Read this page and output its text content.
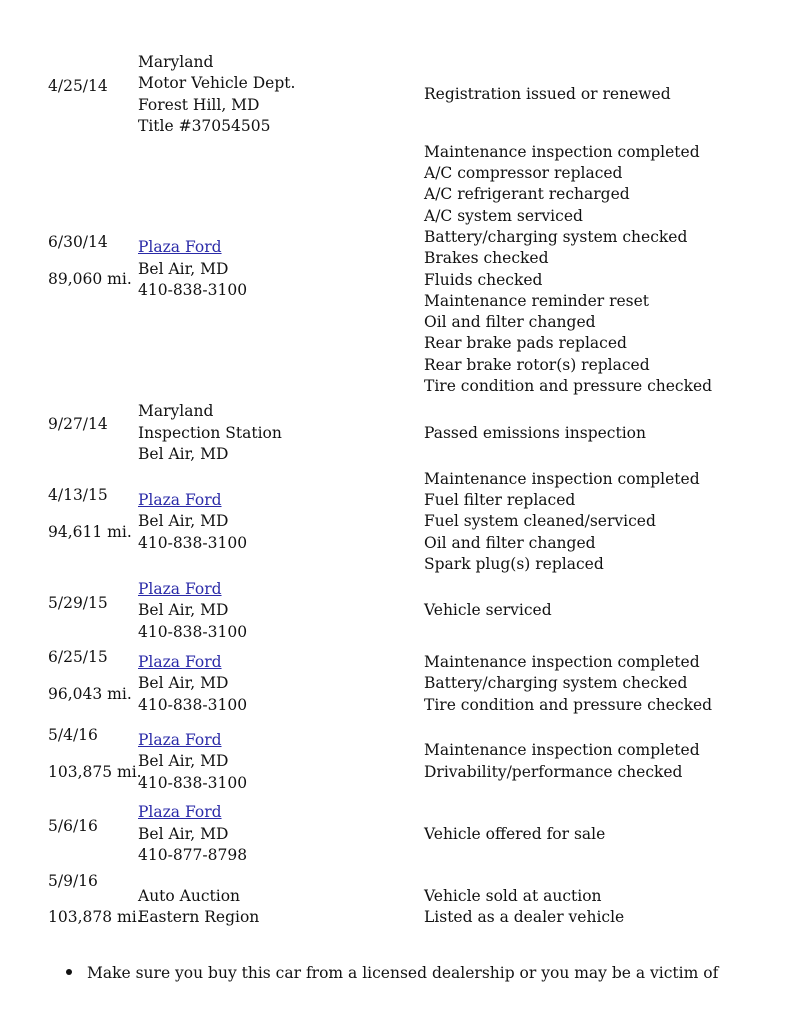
4/25/14
Maryland
Motor Vehicle Dept.
Forest Hill, MD
Title #37054505
Registration issued or renewed
6/30/14
89,060 mi.
Plaza Ford
Bel Air, MD
410-838-3100
Maintenance inspection completed
A/C compressor replaced
A/C refrigerant recharged
A/C system serviced
Battery/charging system checked
Brakes checked
Fluids checked
Maintenance reminder reset
Oil and filter changed
Rear brake pads replaced
Rear brake rotor(s) replaced
Tire condition and pressure checked
9/27/14
Maryland
Inspection Station
Bel Air, MD
Passed emissions inspection
4/13/15
94,611 mi.
Plaza Ford
Bel Air, MD
410-838-3100
Maintenance inspection completed
Fuel filter replaced
Fuel system cleaned/serviced
Oil and filter changed
Spark plug(s) replaced
5/29/15
Plaza Ford
Bel Air, MD
410-838-3100
Vehicle serviced
6/25/15
96,043 mi.
Plaza Ford
Bel Air, MD
410-838-3100
Maintenance inspection completed
Battery/charging system checked
Tire condition and pressure checked
5/4/16
103,875 mi.
Plaza Ford
Bel Air, MD
410-838-3100
Maintenance inspection completed
Drivability/performance checked
5/6/16
Plaza Ford
Bel Air, MD
410-877-8798
Vehicle offered for sale
5/9/16
103,878 mi.
Auto Auction
Eastern Region
Vehicle sold at auction
Listed as a dealer vehicle
Make sure you buy this car from a licensed dealership or you may be a victim of
